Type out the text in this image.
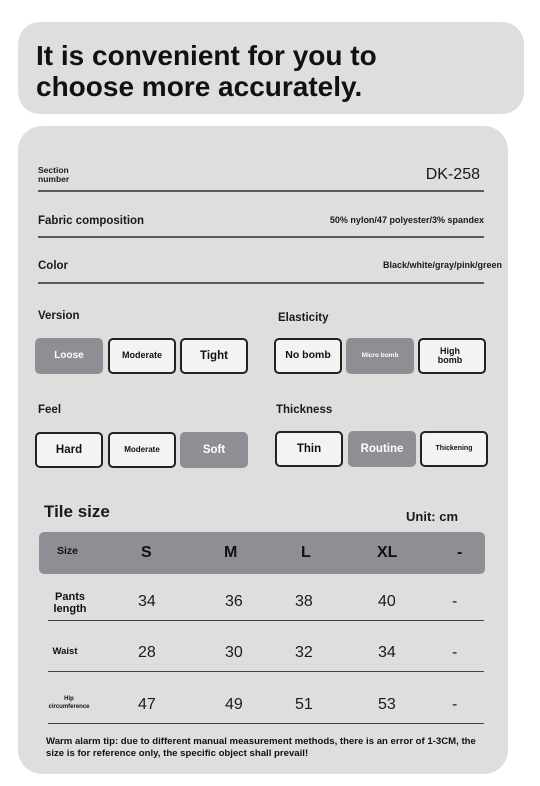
It is convenient for you to
choose more accurately.
Section
number	DK-258
Fabric composition	50% nylon/47 polyester/3% spandex
Color	Black/white/gray/pink/green
Version
Loose	Moderate	Tight
Elasticity
No bomb	Micro bomb	High bomb
Feel
Hard	Moderate	Soft
Thickness
Thin	Routine	Thickening
Tile size	Unit: cm
Size	S	M	L	XL	-
Pants
length	34	36	38	40	-
Waist	28	30	32	34	-
Hip
circumference	47	49	51	53	-

Warm alarm tip: due to different manual measurement methods, there is an error of 1-3CM, the size is for reference only, the specific object shall prevail!
